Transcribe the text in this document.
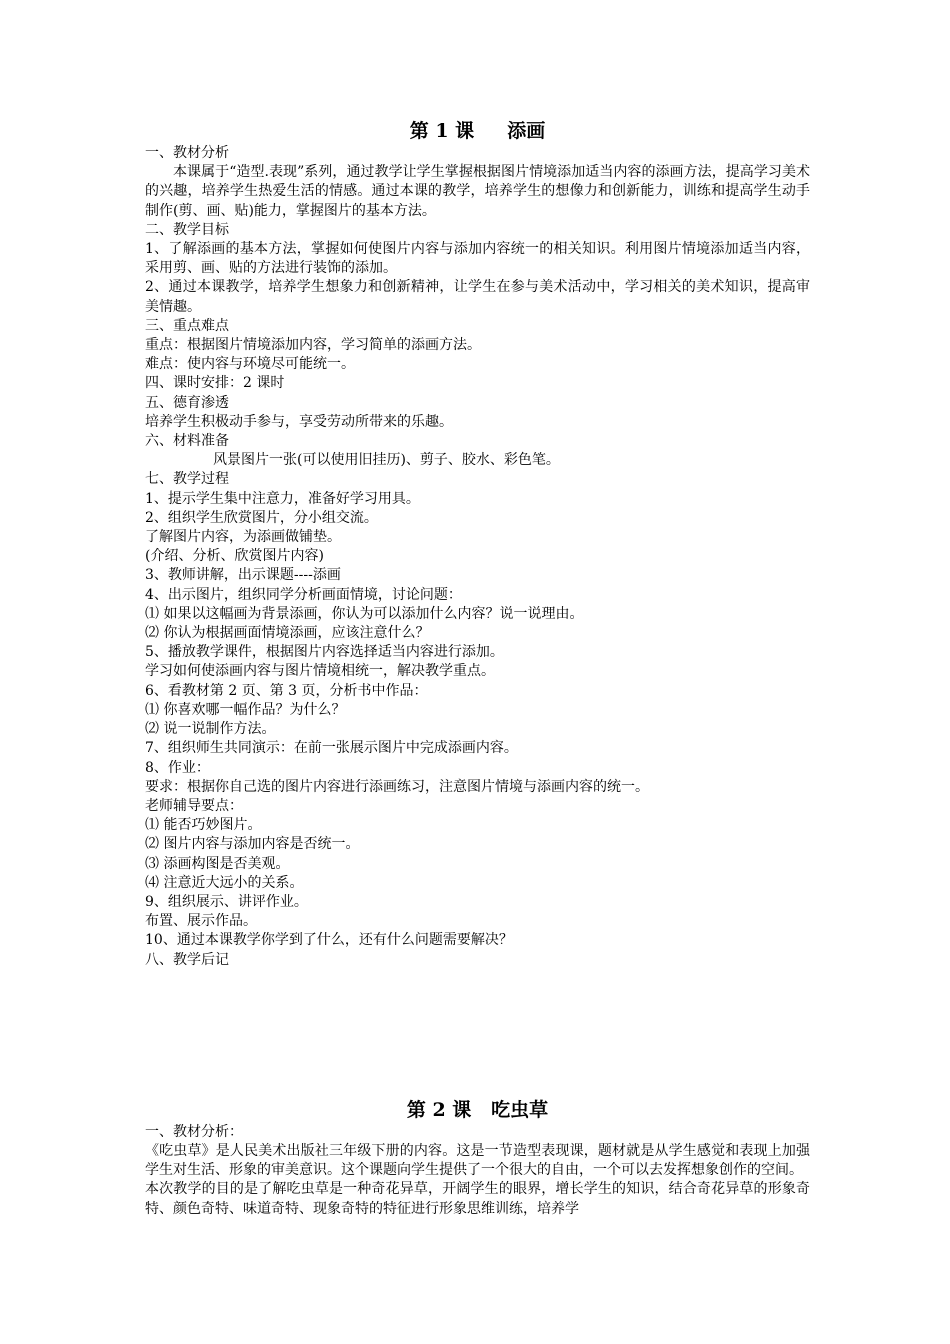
第 1 课     添画

一、教材分析

本课属于“造型.表现”系列，通过教学让学生掌握根据图片情境添加适当内容的添画方法，提高学习美术的兴趣，培养学生热爱生活的情感。通过本课的教学，培养学生的想像力和创新能力，训练和提高学生动手制作(剪、画、贴)能力，掌握图片的基本方法。

二、教学目标

1、了解添画的基本方法，掌握如何使图片内容与添加内容统一的相关知识。利用图片情境添加适当内容，采用剪、画、贴的方法进行装饰的添加。

2、通过本课教学，培养学生想象力和创新精神，让学生在参与美术活动中，学习相关的美术知识，提高审美情趣。

三、重点难点

重点：根据图片情境添加内容，学习简单的添画方法。

难点：使内容与环境尽可能统一。

四、课时安排：2 课时

五、德育渗透

培养学生积极动手参与，享受劳动所带来的乐趣。

六、材料准备

风景图片一张(可以使用旧挂历)、剪子、胶水、彩色笔。

七、教学过程

1、提示学生集中注意力，准备好学习用具。

2、组织学生欣赏图片，分小组交流。

了解图片内容，为添画做铺垫。

(介绍、分析、欣赏图片内容)

3、教师讲解，出示课题----添画

4、出示图片，组织同学分析画面情境，讨论问题：

⑴ 如果以这幅画为背景添画，你认为可以添加什么内容？说一说理由。

⑵ 你认为根据画面情境添画，应该注意什么？

5、播放教学课件，根据图片内容选择适当内容进行添加。

学习如何使添画内容与图片情境相统一，解决教学重点。

6、看教材第 2 页、第 3 页，分析书中作品：

⑴ 你喜欢哪一幅作品？为什么？

⑵ 说一说制作方法。

7、组织师生共同演示：在前一张展示图片中完成添画内容。

8、作业：

要求：根据你自己选的图片内容进行添画练习，注意图片情境与添画内容的统一。

老师辅导要点：

⑴ 能否巧妙图片。

⑵ 图片内容与添加内容是否统一。

⑶ 添画构图是否美观。

⑷ 注意近大远小的关系。

9、组织展示、讲评作业。

布置、展示作品。

10、通过本课教学你学到了什么，还有什么问题需要解决？

八、教学后记

第 2 课   吃虫草

一、教材分析：

《吃虫草》是人民美术出版社三年级下册的内容。这是一节造型表现课，题材就是从学生感觉和表现上加强学生对生活、形象的审美意识。这个课题向学生提供了一个很大的自由，一个可以去发挥想象创作的空间。

本次教学的目的是了解吃虫草是一种奇花异草，开阔学生的眼界，增长学生的知识，结合奇花异草的形象奇特、颜色奇特、味道奇特、现象奇特的特征进行形象思维训练，培养学
